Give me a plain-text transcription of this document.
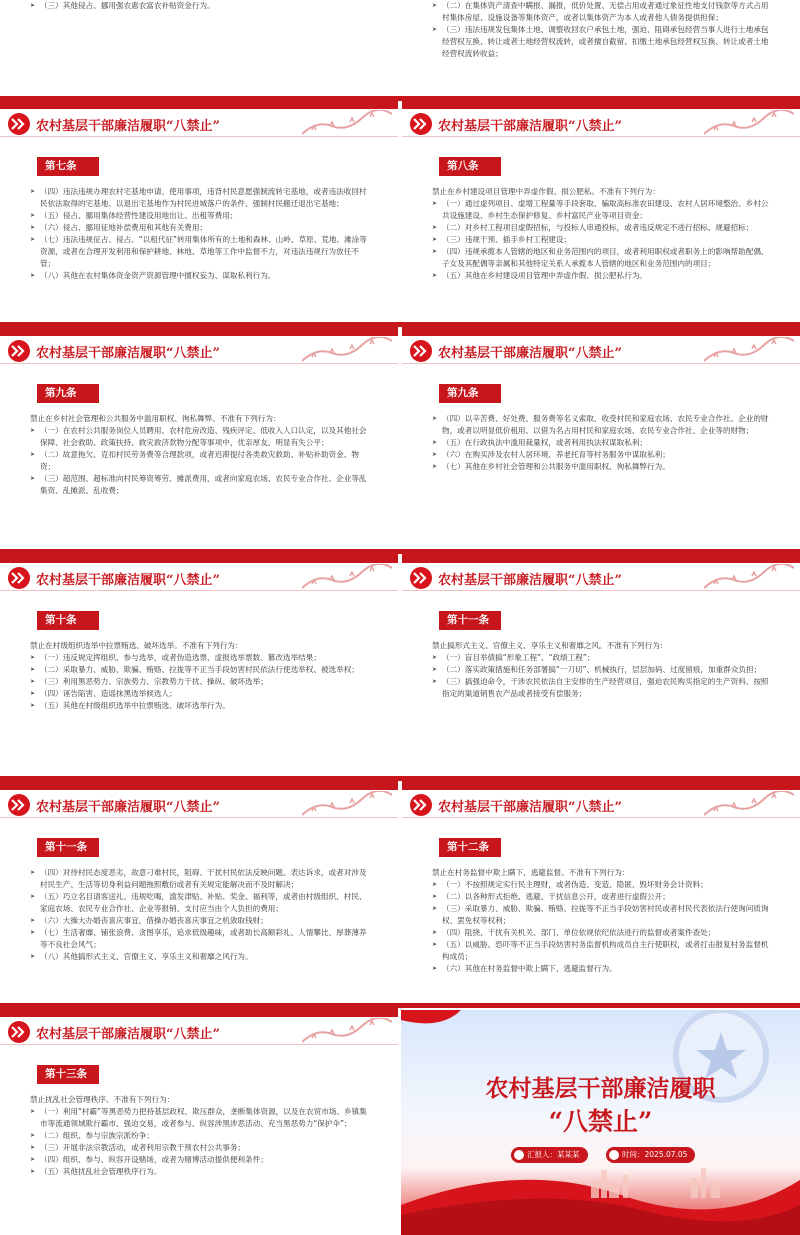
➤ （三）其他侵占、挪用强农惠农富农补贴资金行为。

➤	（二）在集体资产清查中瞒报、漏报，低价处置、无偿占用或者通过象征性地支付钱款等方式占用村集体房屋、设施设备等集体资产，或者以集体资产为本人或者他人债务提供担保；

➤ （三）违法违规发包集体土地、调整收回农户承包土地，强迫、阻碍承包经营当事人进行土地承包经营权互换、转让或者土地经营权流转，或者擅自截留、扣缴土地承包经营权互换、转让或者土地经营权流转收益；

农村基层干部廉洁履职“八禁止”
第七条

➤ （四）违法违规办理农村宅基地申请、使用事项，违背村民意愿强制流转宅基地，或者违法收回村民依法取得的宅基地、以退出宅基地作为村民进城落户的条件、强制村民搬迁退出宅基地；

➤ （五）侵占、挪用集体经营性建设用地出让、出租等费用；

➤ （六）侵占、挪用征地补偿费用和其他有关费用；

➤ （七）违法违规征占、侵占、“以租代征”转用集体所有的土地和森林、山岭、草原、荒地、滩涂等资源，或者在合理开发利用和保护耕地、林地、草地等工作中监督不力，对违法违规行为放任不管；

➤ （八）其他在农村集体资金资产资源管理中擅权妄为、谋取私利行为。

农村基层干部廉洁履职“八禁止”
第八条

禁止在乡村建设项目管理中弄虚作假、损公肥私。不准有下列行为：

➤ （一）通过虚列项目、虚增工程量等手段套取、骗取高标准农田建设、农村人居环境整治、乡村公共设施建设、乡村生态保护修复、乡村富民产业等项目资金；

➤ （二）对乡村工程项目虚假招标，与投标人串通投标，或者违反规定不进行招标、规避招标；

➤ （三）违规干预、插手乡村工程建设；

➤ （四）违规承揽本人管辖的地区和业务范围内的项目，或者利用职权或者职务上的影响帮助配偶、子女及其配偶等亲属和其他特定关系人承揽本人管辖的地区和业务范围内的项目；

➤ （五）其他在乡村建设项目管理中弄虚作假、损公肥私行为。

农村基层干部廉洁履职“八禁止”
第九条

禁止在乡村社会管理和公共服务中滥用职权、徇私舞弊。不准有下列行为：

➤ （一）在农村公共服务岗位人员聘用、农村危房改造、残疾评定、低收入人口认定，以及其他社会保障、社会救助、政策扶持、救灾救济款物分配等事项中，优亲厚友、明显有失公平；

➤ （二）故意拖欠、克扣村民劳务费等合理款项，或者迟滞提付各类救灾救助、补贴补助资金、物资；

➤ （三）超范围、超标准向村民筹资筹劳、摊派费用，或者向家庭农场、农民专业合作社、企业等乱集资、乱摊派、乱收费；

农村基层干部廉洁履职“八禁止”
第九条

➤ （四）以辛苦费、好处费、服务费等名义索取、收受村民和家庭农场、农民专业合作社、企业的财物，或者以明显低价租用、以借为名占用村民和家庭农场、农民专业合作社、企业等的财物；

➤ （五）在行政执法中滥用裁量权，或者利用执法权谋取私利；

➤ （六）在购买涉及农村人居环境、养老托育等村务服务中谋取私利；

➤ （七）其他在乡村社会管理和公共服务中滥用职权、徇私舞弊行为。

农村基层干部廉洁履职“八禁止”
第十条

禁止在村级组织选举中拉票贿选、破坏选举。不准有下列行为：

➤ （一）违反规定挥组织、参与选举，或者伪造选票、虚报选举票数、篡改选举结果；

➤ （二）采取暴力、威胁、欺骗、贿赂、拉拢等不正当手段妨害村民依法行使选举权、被选举权；

➤ （三）利用黑恶势力、宗族势力、宗教势力干扰、操纵、破坏选举；

➤ （四）诬告陷害、造谣抹黑选举候选人；

➤ （五）其他在村级组织选举中拉票贿选、破坏选举行为。

农村基层干部廉洁履职“八禁止”
第十一条

禁止搞形式主义、官僚主义、享乐主义和奢靡之风。不准有下列行为：

➤ （一）盲目举债搞“形象工程”、“政绩工程”；

➤ （二）落实政策措施和任务部署搞“一刀切”、机械执行，层层加码、过度留痕，加重群众负担；

➤ （三）搞强迫命令，干涉农民依法自主安排的生产经营项目，强迫农民购买指定的生产资料、按照指定的渠道销售农产品或者接受有偿服务；

农村基层干部廉洁履职“八禁止”
第十一条

➤ （四）对待村民态度恶劣，故意刁难村民，阻碍、干扰村民依法反映问题、表达诉求，或者对涉及村民生产、生活等切身利益问题拖照敷衍或者有关规定能解决而不及时解决；

➤ （五）巧立名目请客送礼、违规吃喝，滥发津贴、补贴、奖金、福利等，或者由村级组织、村民、家庭农场、农民专业合作社、企业等报销、支付应当由个人负担的费用；

➤ （六）大操大办婚丧喜庆事宜，借操办婚丧喜庆事宜之机敛取钱财；

➤ （七）生活奢靡、铺张浪费、贪图享乐，追求低级趣味，或者助长高额彩礼、人情攀比、厚葬薄养等不良社会风气；

➤ （八）其他搞形式主义、官僚主义、享乐主义和奢靡之风行为。

农村基层干部廉洁履职“八禁止”
第十二条

禁止在村务监督中欺上瞒下、逃避监督。不准有下列行为：

➤ （一）不按照规定实行民主理财，或者伪造、变造、隐匿、毁坏财务会计资料；

➤ （二）以各种形式拒绝、逃避、干扰信息公开，或者进行虚假公开；

➤ （三）采取暴力、威胁、欺骗、贿赂、拉拢等不正当手段妨害村民或者村民代表依法行使询问质询权、罢免权等权利；

➤ （四）阻挠、干扰有关机关、部门、单位依规依纪依法进行的监督或者案件查处；

➤ （五）以威胁、恐吓等不正当手段妨害村务监督机构成员自主行使职权，或者打击报复村务监督机构成员；

➤ （六）其他在村务监督中欺上瞒下、逃避监督行为。

农村基层干部廉洁履职“八禁止”
第十三条

禁止扰乱社会管理秩序。不准有下列行为：

➤ （一）利用“村霸”等黑恶势力把持基层政权、欺压群众，垄断集体资源，以及在农贸市场、乡镇集市等流通领域欺行霸市、强迫交易，或者参与、纵容涉黑涉恶活动、充当黑恶势力“保护伞”；

➤ （二）组织、参与宗族宗派纷争；

➤ （三）开展非法宗教活动，或者利用宗教干预农村公共事务；

➤ （四）组织、参与、纵容开设赌场，或者为赌博活动提供便利条件；

➤ （五）其他扰乱社会管理秩序行为。

农村基层干部廉洁履职
“八禁止”
汇报人：某某某	时间：2025.07.05
